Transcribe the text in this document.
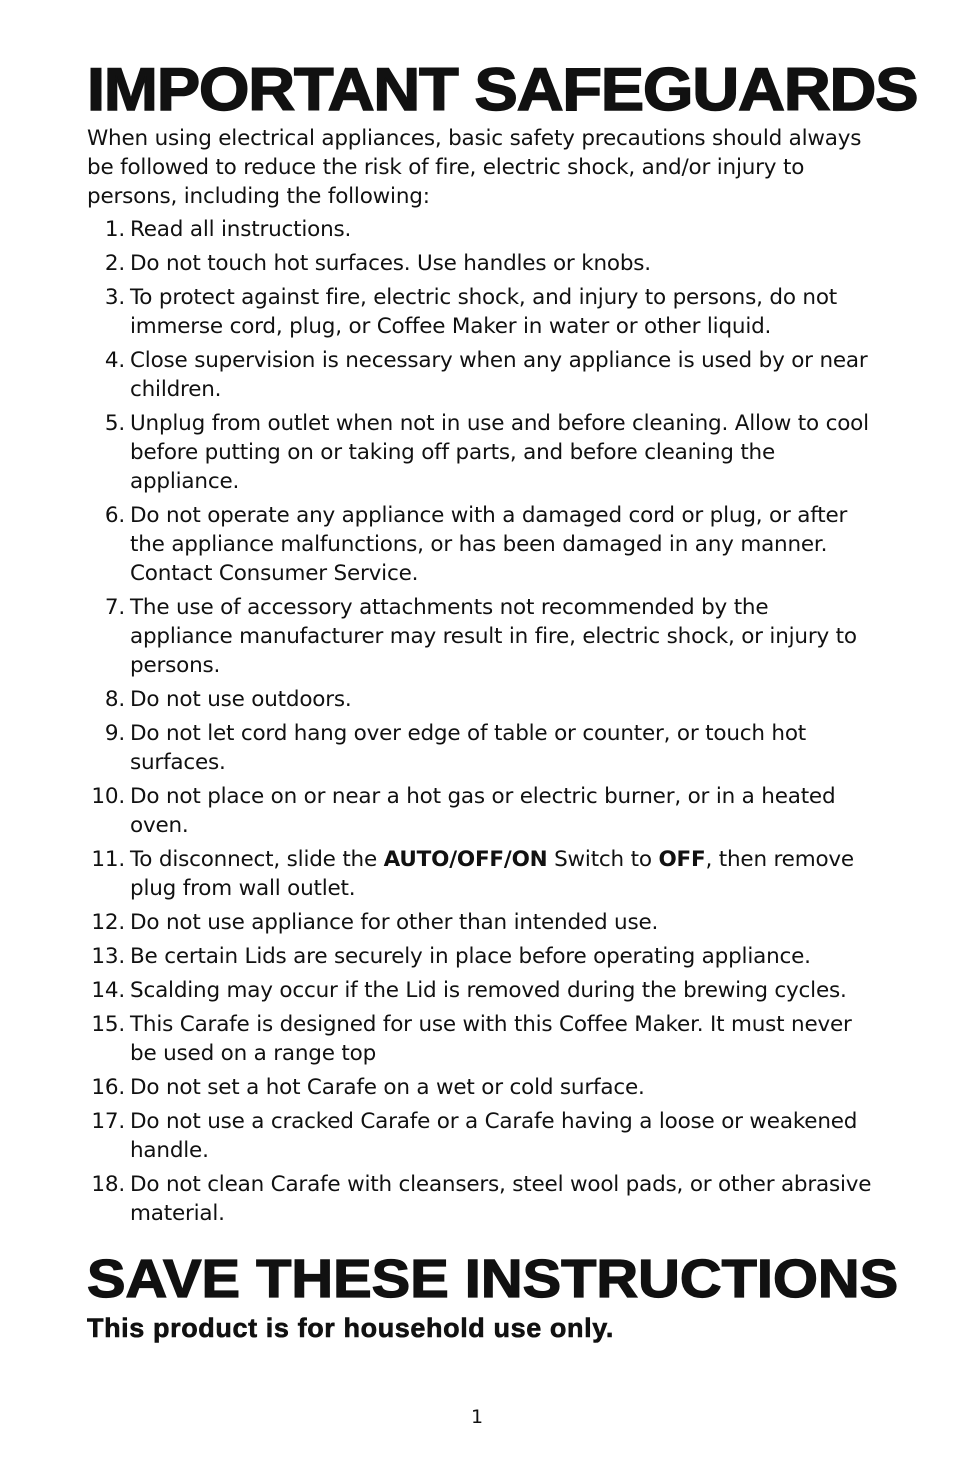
IMPORTANT SAFEGUARDS

When using electrical appliances, basic safety precautions should always be followed to reduce the risk of fire, electric shock, and/or injury to persons, including the following:

1. Read all instructions.
2. Do not touch hot surfaces. Use handles or knobs.
3. To protect against fire, electric shock, and injury to persons, do not immerse cord, plug, or Coffee Maker in water or other liquid.
4. Close supervision is necessary when any appliance is used by or near children.
5. Unplug from outlet when not in use and before cleaning. Allow to cool before putting on or taking off parts, and before cleaning the appliance.
6. Do not operate any appliance with a damaged cord or plug, or after the appliance malfunctions, or has been damaged in any manner. Contact Consumer Service.
7. The use of accessory attachments not recommended by the appliance manufacturer may result in fire, electric shock, or injury to persons.
8. Do not use outdoors.
9. Do not let cord hang over edge of table or counter, or touch hot surfaces.
10. Do not place on or near a hot gas or electric burner, or in a heated oven.
11. To disconnect, slide the AUTO/OFF/ON Switch to OFF, then remove plug from wall outlet.
12. Do not use appliance for other than intended use.
13. Be certain Lids are securely in place before operating appliance.
14. Scalding may occur if the Lid is removed during the brewing cycles.
15. This Carafe is designed for use with this Coffee Maker. It must never be used on a range top
16. Do not set a hot Carafe on a wet or cold surface.
17. Do not use a cracked Carafe or a Carafe having a loose or weakened handle.
18. Do not clean Carafe with cleansers, steel wool pads, or other abrasive material.
SAVE THESE INSTRUCTIONS

This product is for household use only.

1
